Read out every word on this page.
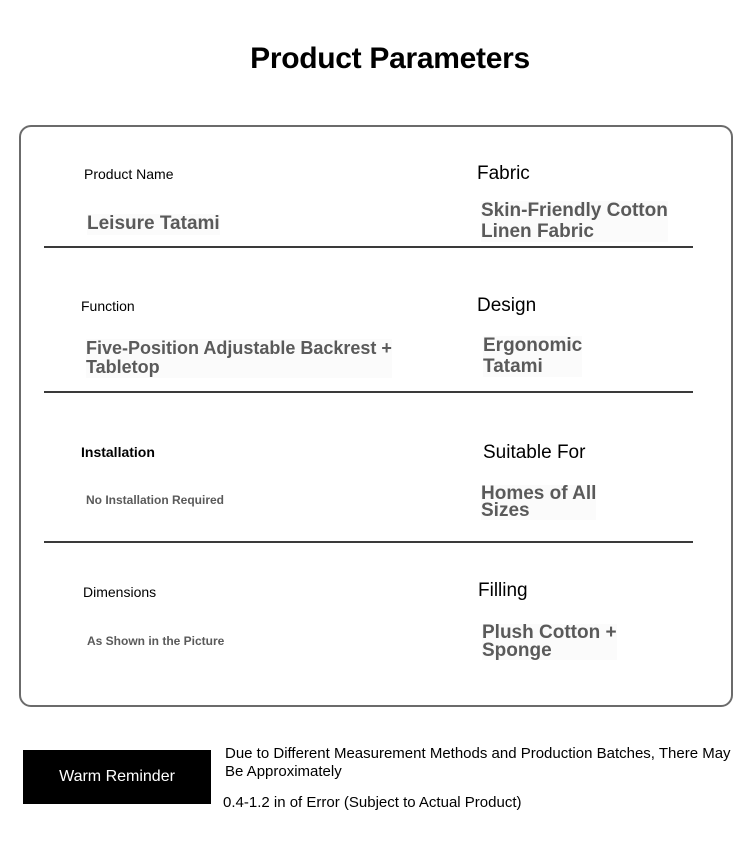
Product Parameters
Product Name
Leisure Tatami
Fabric
Skin-Friendly Cotton
Linen Fabric
Function
Five-Position Adjustable Backrest +
Tabletop
Design
Ergonomic
Tatami
Installation
No Installation Required
Suitable For
Homes of All
Sizes
Dimensions
As Shown in the Picture
Filling
Plush Cotton +
Sponge
Warm Reminder
Due to Different Measurement Methods and Production Batches, There May
Be Approximately
0.4-1.2 in of Error (Subject to Actual Product)
